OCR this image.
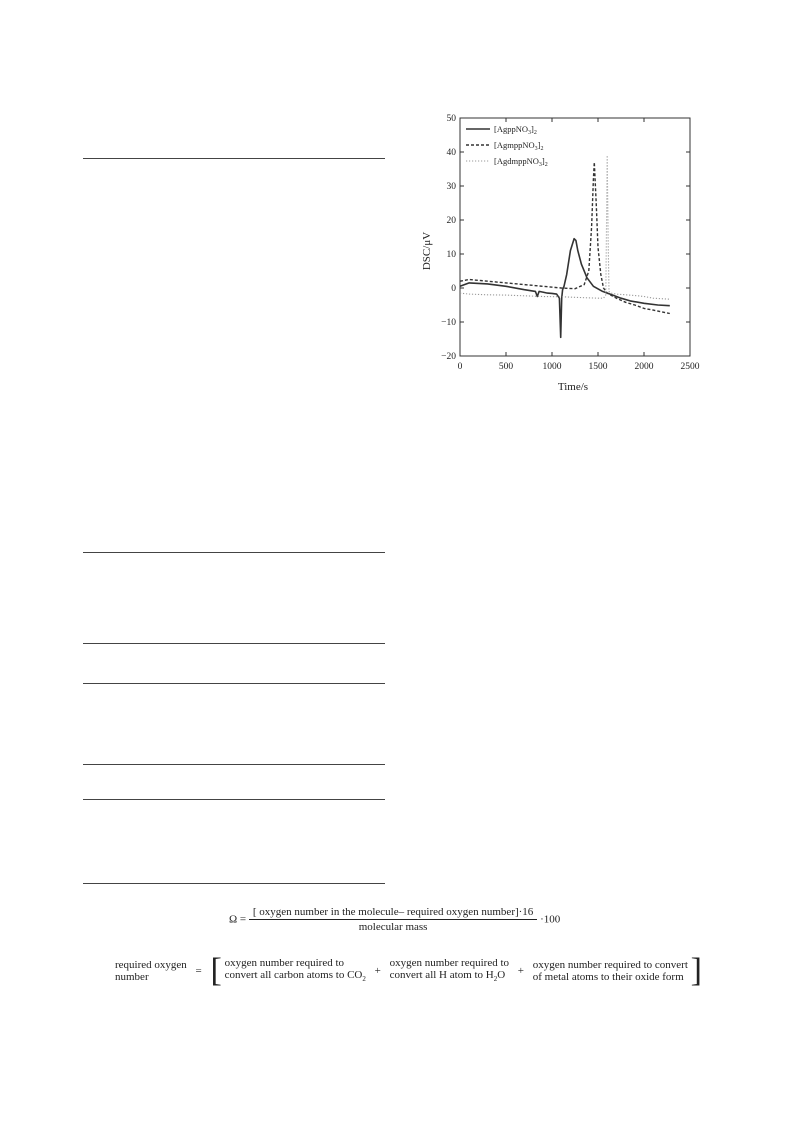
0	500	1000	1500	2000	2500
50
40
30
20
10
0
−10
−20
$[AgppNO_3]_2$
$[AgmppNO_3]_2$
$[AgdmppNO_3]_2$
Time/s
DSC/μV
$\Omega = \frac{\text{[ oxygen number in the molecule– required oxygen number]·16}}{\text{molecular mass}} \cdot 100$
required oxygen
number	= [ oxygen number required to
convert all carbon atoms to $CO_2$ + oxygen number required to
convert all H atom to $H_2O$ + oxygen number required to convert
of metal atoms to their oxide form ]
